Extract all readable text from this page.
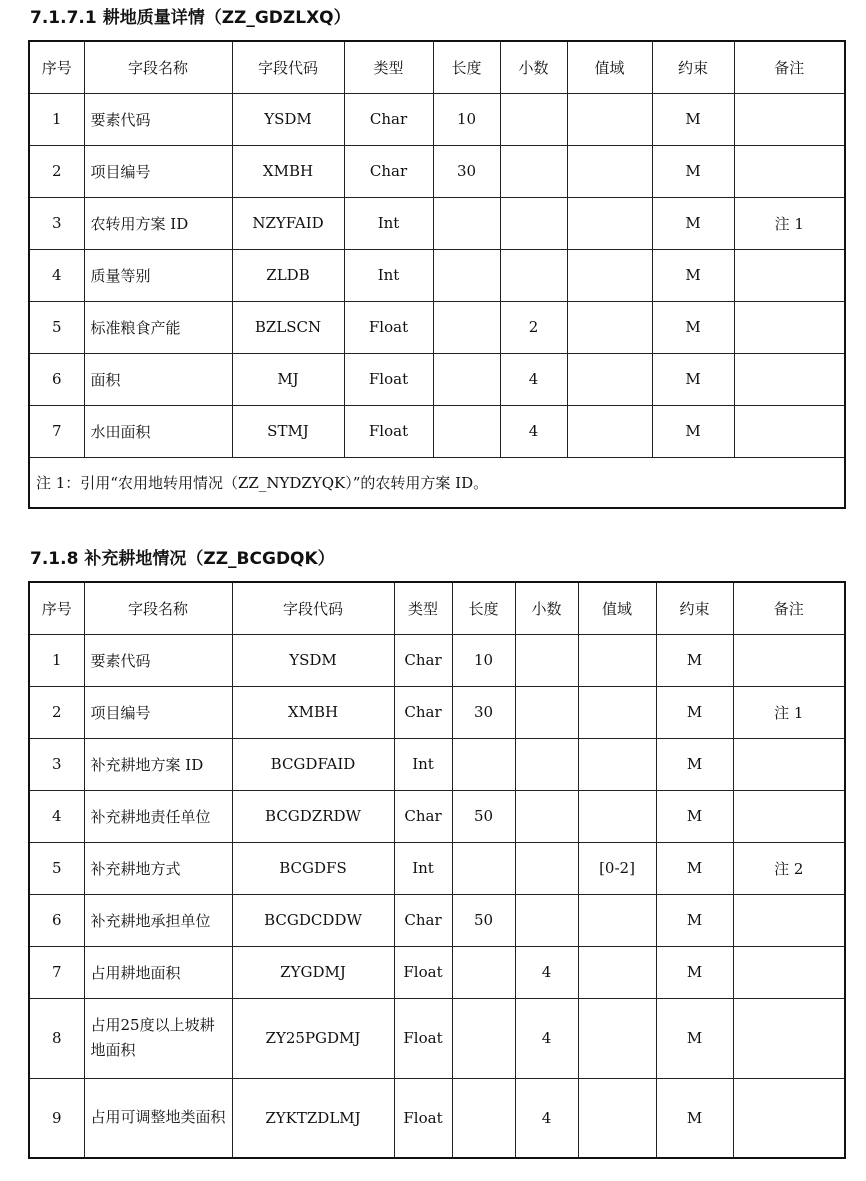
7.1.7.1 耕地质量详情（ZZ_GDZLXQ）
序号	字段名称	字段代码	类型	长度	小数	值域	约束	备注
1	要素代码	YSDM	Char	10			M	
2	项目编号	XMBH	Char	30			M	
3	农转用方案 ID	NZYFAID	Int				M	注 1
4	质量等别	ZLDB	Int				M	
5	标准粮食产能	BZLSCN	Float		2		M	
6	面积	MJ	Float		4		M	
7	水田面积	STMJ	Float		4		M	
注 1：引用“农用地转用情况（ZZ_NYDZYQK）”的农转用方案 ID。								
7.1.8 补充耕地情况（ZZ_BCGDQK）
序号	字段名称	字段代码	类型	长度	小数	值域	约束	备注
1	要素代码	YSDM	Char	10			M	
2	项目编号	XMBH	Char	30			M	注 1
3	补充耕地方案 ID	BCGDFAID	Int				M	
4	补充耕地责任单位	BCGDZRDW	Char	50			M	
5	补充耕地方式	BCGDFS	Int			[0-2]	M	注 2
6	补充耕地承担单位	BCGDCDDW	Char	50			M	
7	占用耕地面积	ZYGDMJ	Float		4		M	
8	占用25度以上坡耕地面积	ZY25PGDMJ	Float		4		M	
9	占用可调整地类面积	ZYKTZDLMJ	Float		4		M	
